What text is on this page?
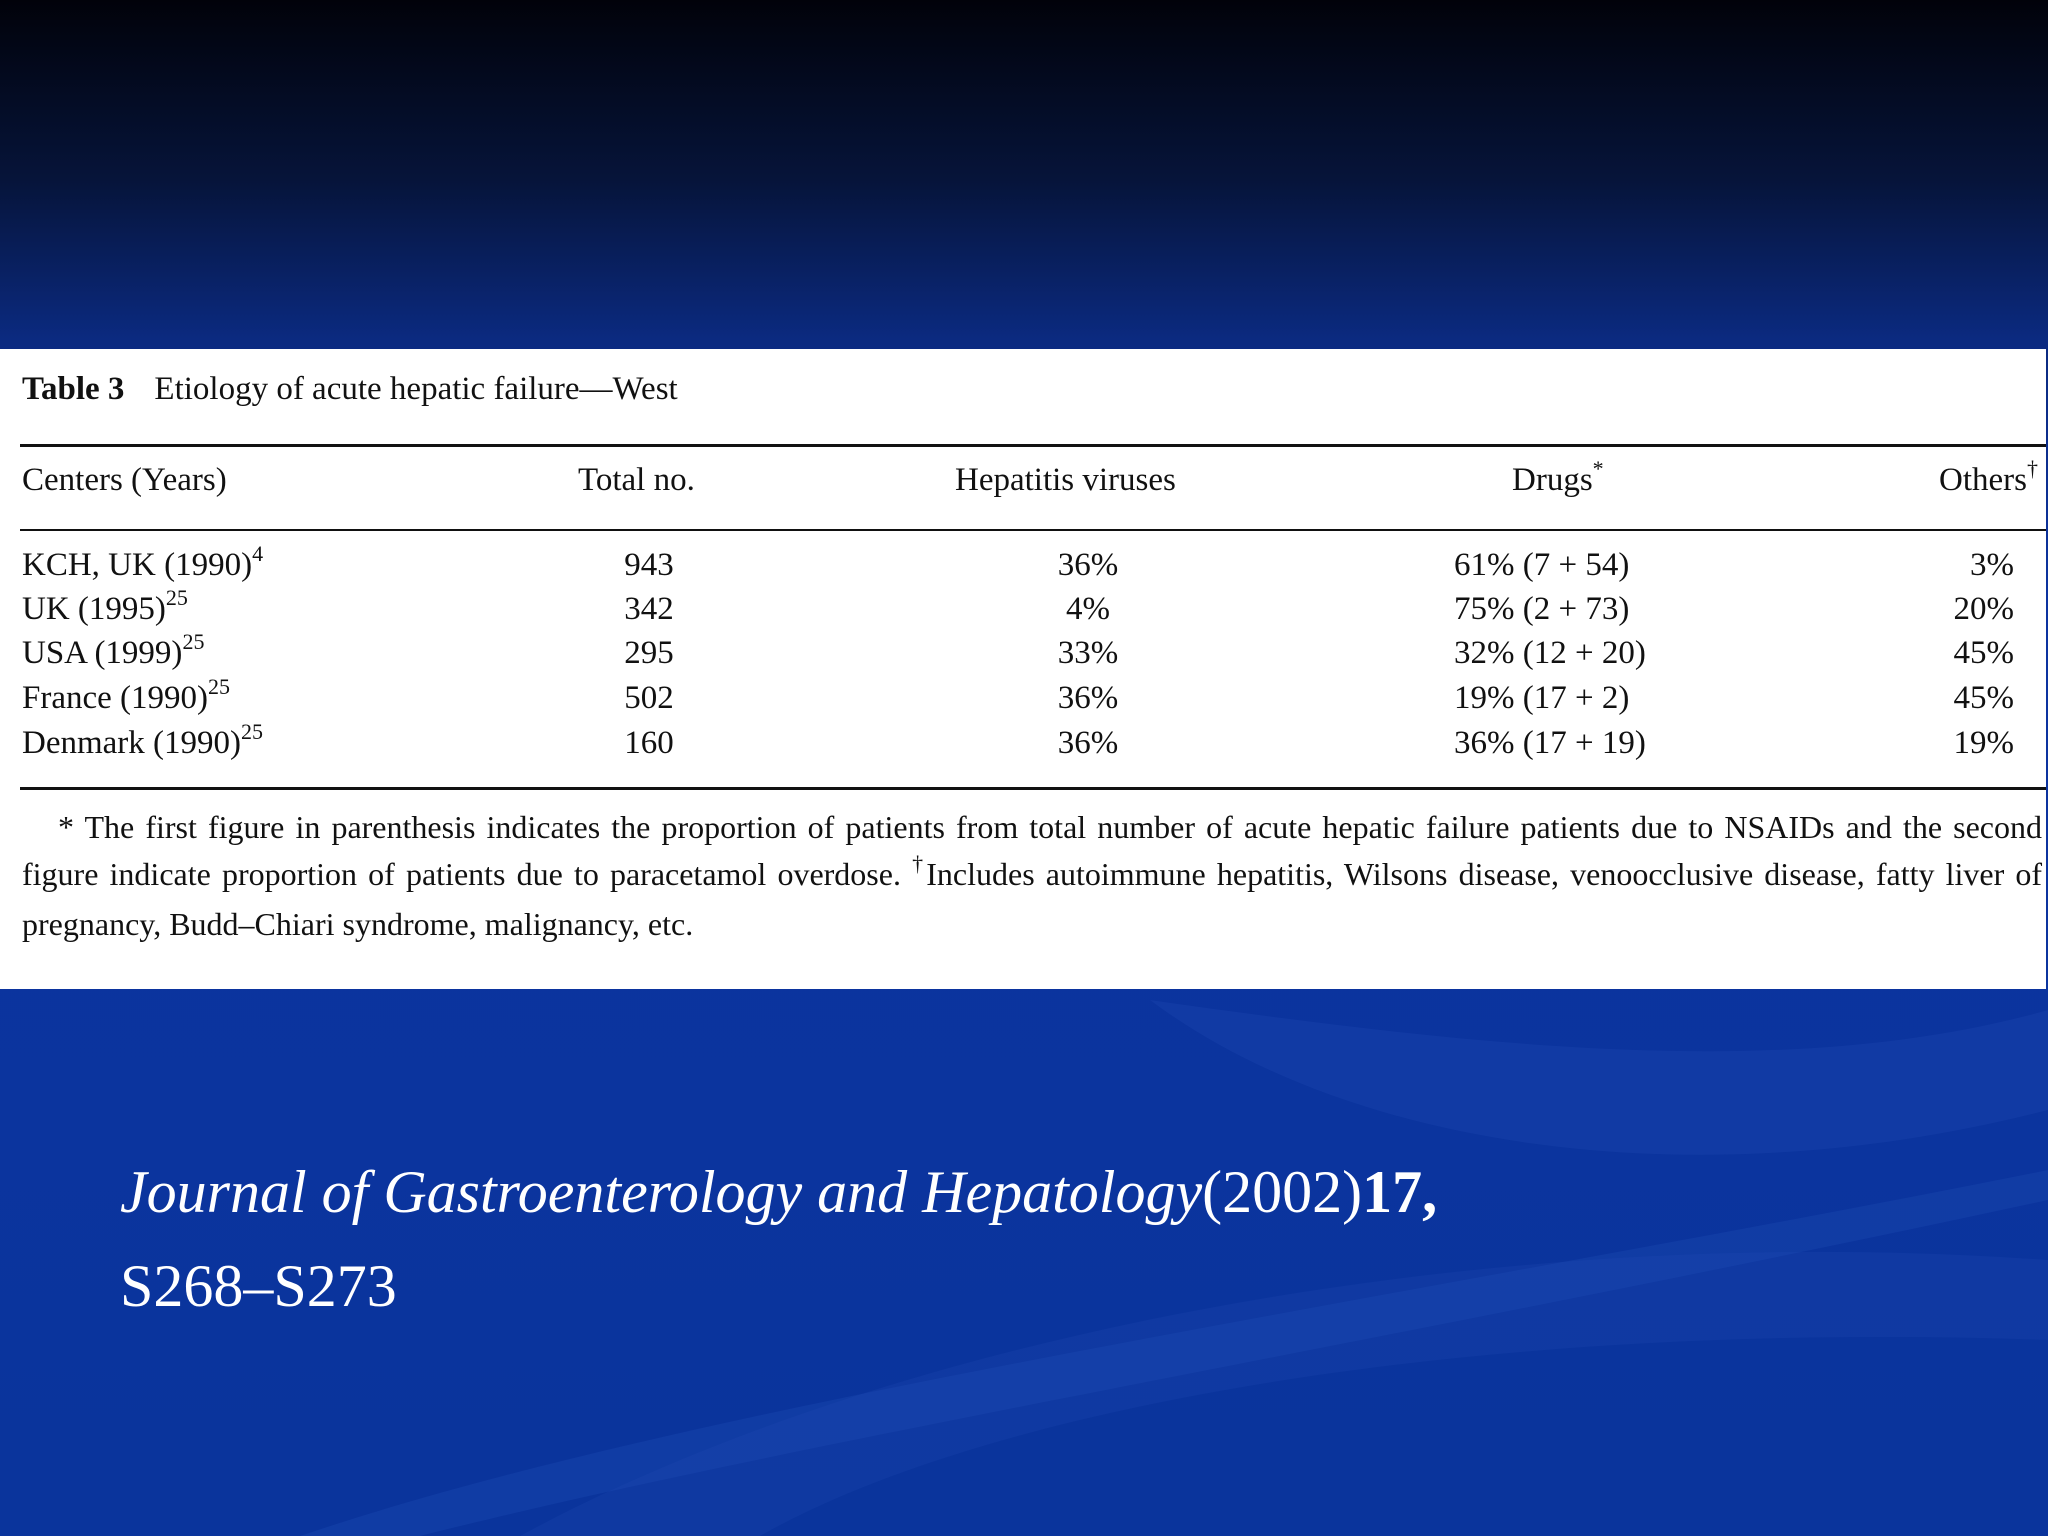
Table 3 Etiology of acute hepatic failure—West
Centers (Years)	Total no.	Hepatitis viruses	Drugs*	Others†
KCH, UK $(1990)^4$	943	36%	61% (7 + 54)	3%
UK $(1995)^{25}$	342	4%	75% (2 + 73)	20%
USA $(1999)^{25}$	295	33%	32% (12 + 20)	45%
France $(1990)^{25}$	502	36%	19% (17 + 2)	45%
Denmark $(1990)^{25}$	160	36%	36% (17 + 19)	19%
* The first figure in parenthesis indicates the proportion of patients from total number of acute hepatic failure patients due to NSAIDs and the second figure indicate proportion of patients due to paracetamol overdose. †Includes autoimmune hepatitis, Wilsons disease, venoocclusive disease, fatty liver of pregnancy, Budd–Chiari syndrome, malignancy, etc.
Journal of Gastroenterology and Hepatology(2002)17,
S268–S273
